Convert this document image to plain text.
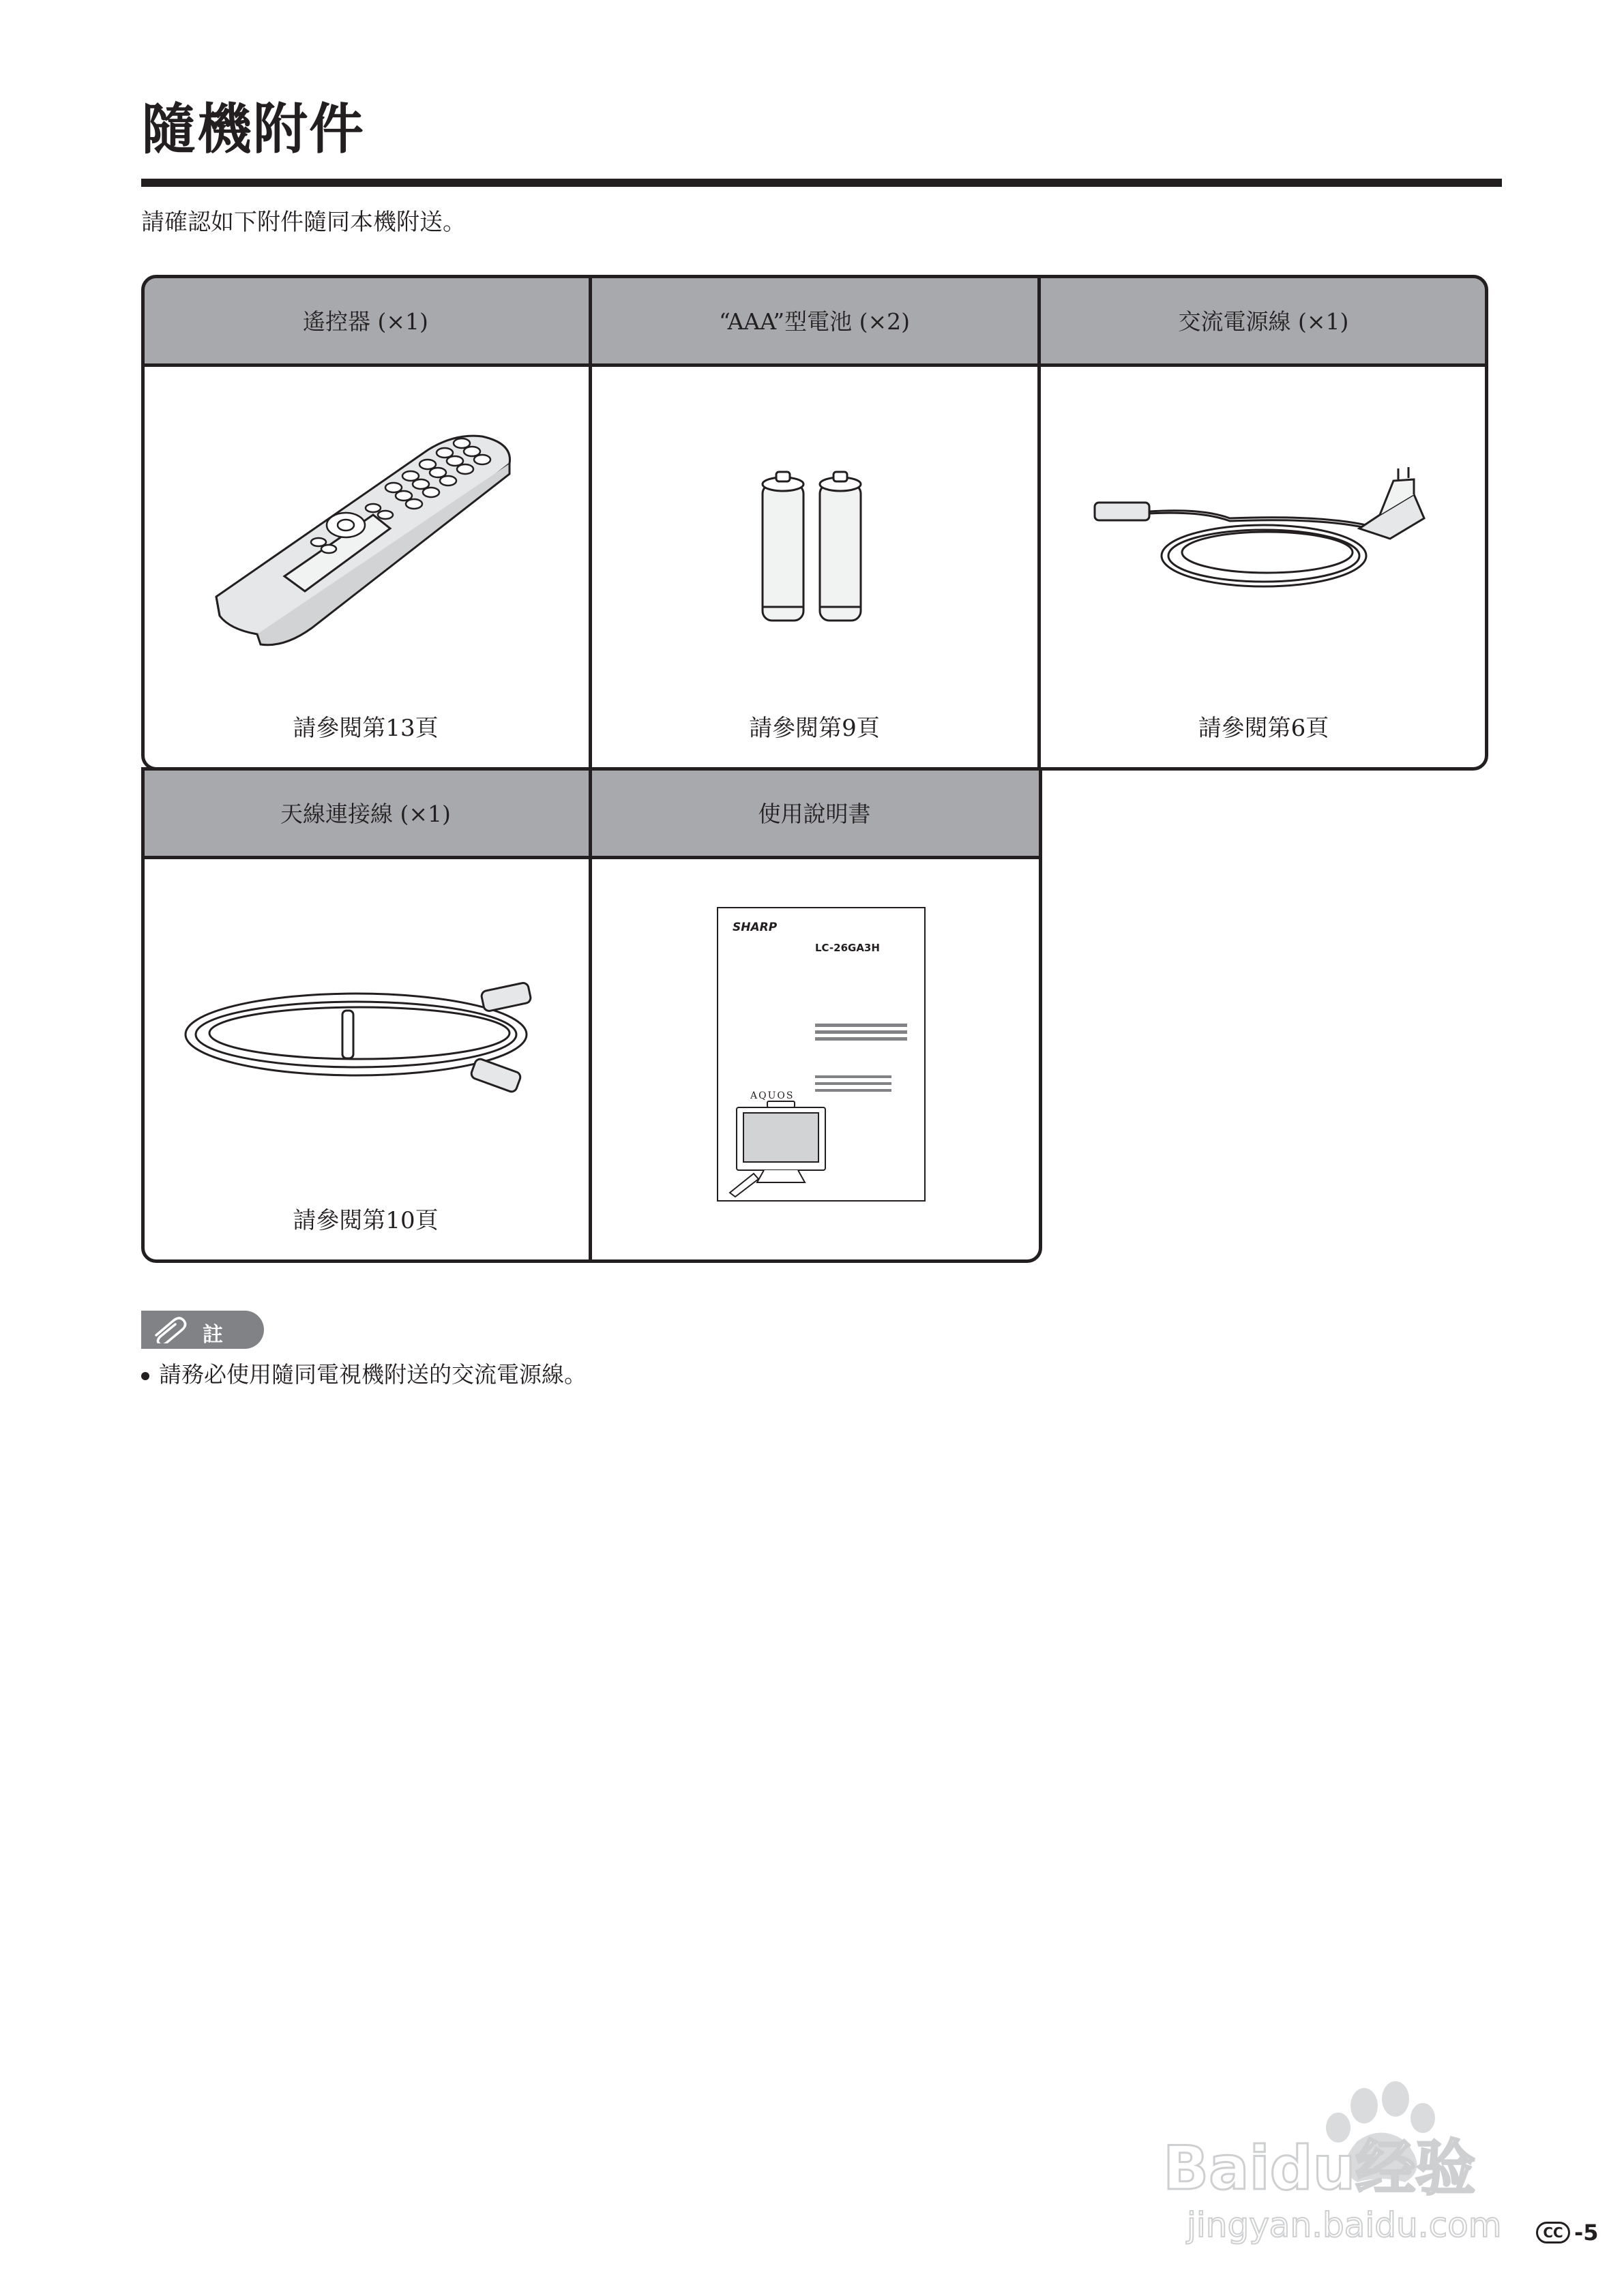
隨機附件
請確認如下附件隨同本機附送。
遙控器 (×1)	“AAA”型電池 (×2)	交流電源線 (×1)
請參閱第13頁	請參閱第9頁	請參閱第6頁
天線連接線 (×1)	使用說明書
請參閱第10頁
SHARP
LC-26GA3H
AQUOS
註
請務必使用隨同電視機附送的交流電源線。
Baidu经验
jingyan.baidu.com	CC -5
